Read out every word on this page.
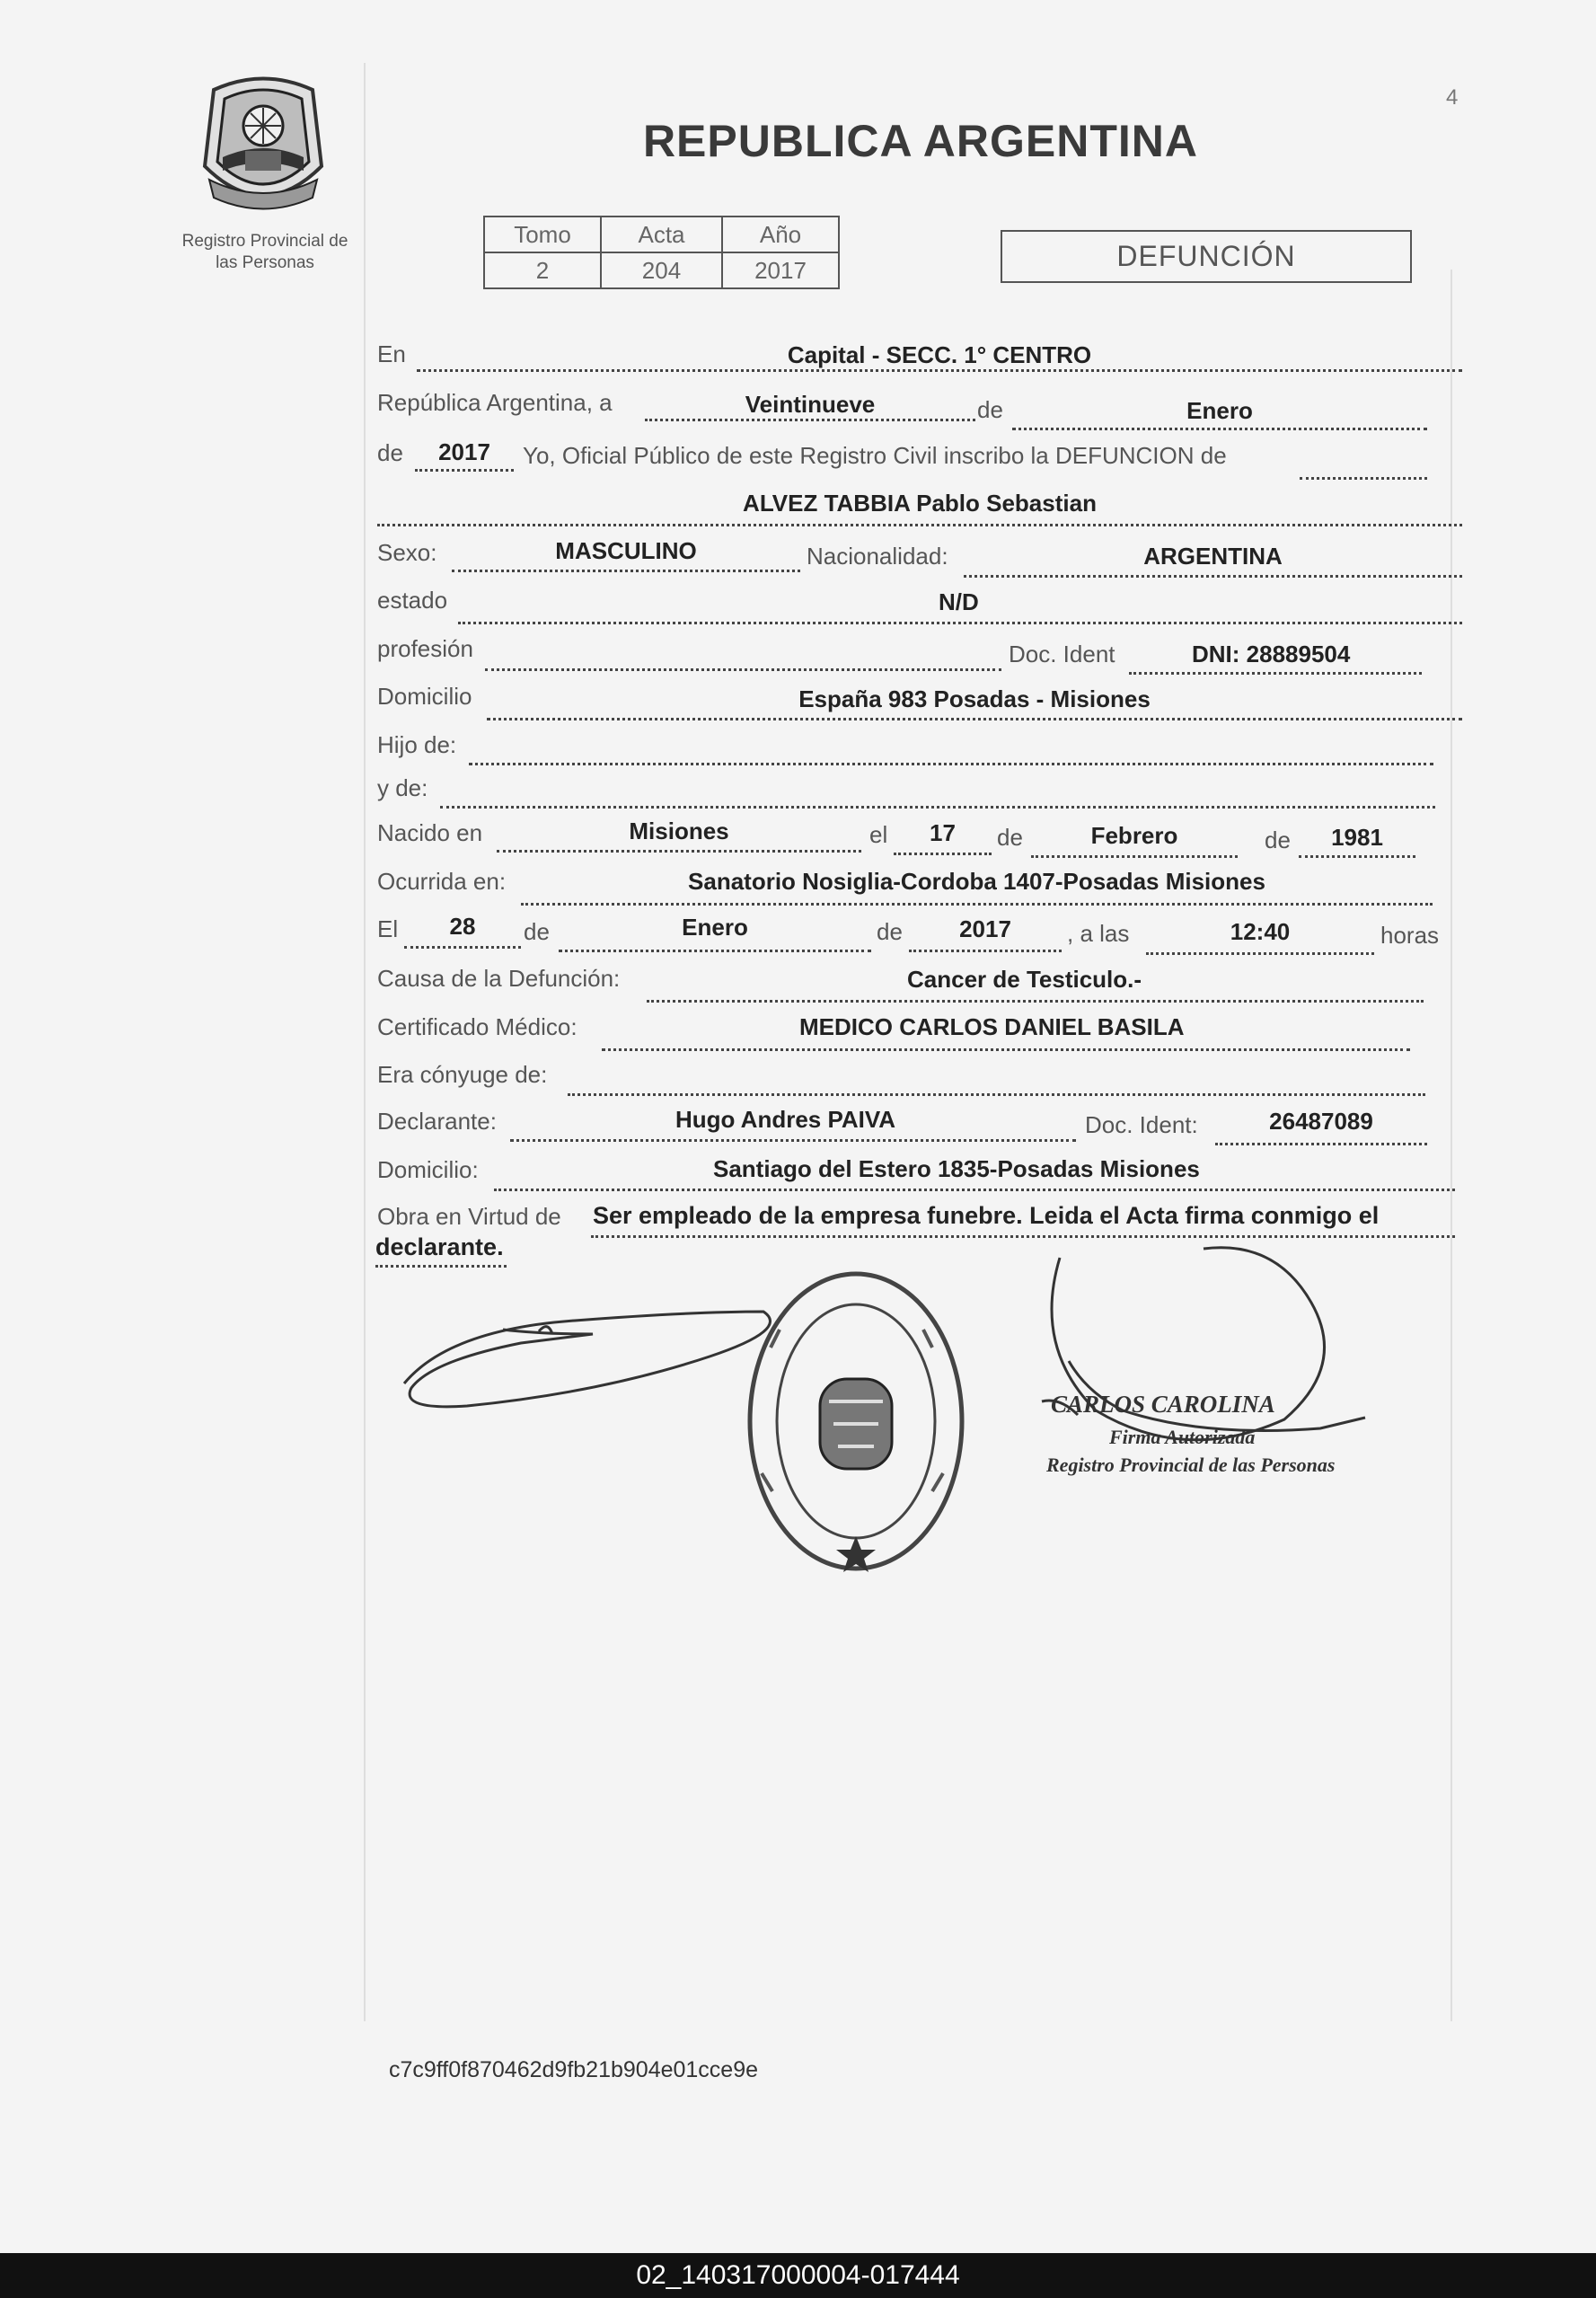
4
Registro Provincial de
las Personas
REPUBLICA ARGENTINA
Tomo	Acta	Año
2	204	2017	DEFUNCIÓN
En	Capital - SECC. 1° CENTRO
República Argentina, a	Veintinueve	de	Enero
de	2017	Yo, Oficial Público de este Registro Civil inscribo la DEFUNCION de
ALVEZ TABBIA Pablo Sebastian
Sexo:	MASCULINO	Nacionalidad:	ARGENTINA
estado	N/D
profesión	Doc. Ident	DNI: 28889504
Domicilio	España 983 Posadas - Misiones
Hijo de:
y de:
Nacido en	Misiones	el	17	de	Febrero	de	1981
Ocurrida en:	Sanatorio Nosiglia-Cordoba 1407-Posadas Misiones
El	28	de	Enero	de	2017	, a las	12:40	horas
Causa de la Defunción:	Cancer de Testiculo.-
Certificado Médico:	MEDICO CARLOS DANIEL BASILA
Era cónyuge de:
Declarante:	Hugo Andres PAIVA	Doc. Ident:	26487089
Domicilio:	Santiago del Estero 1835-Posadas Misiones
Obra en Virtud de Ser empleado de la empresa funebre. Leida el Acta firma conmigo el
declarante.
CARLOS CAROLINA
Firma Autorizada
Registro Provincial de las Personas
c7c9ff0f870462d9fb21b904e01cce9e
02_140317000004-017444
